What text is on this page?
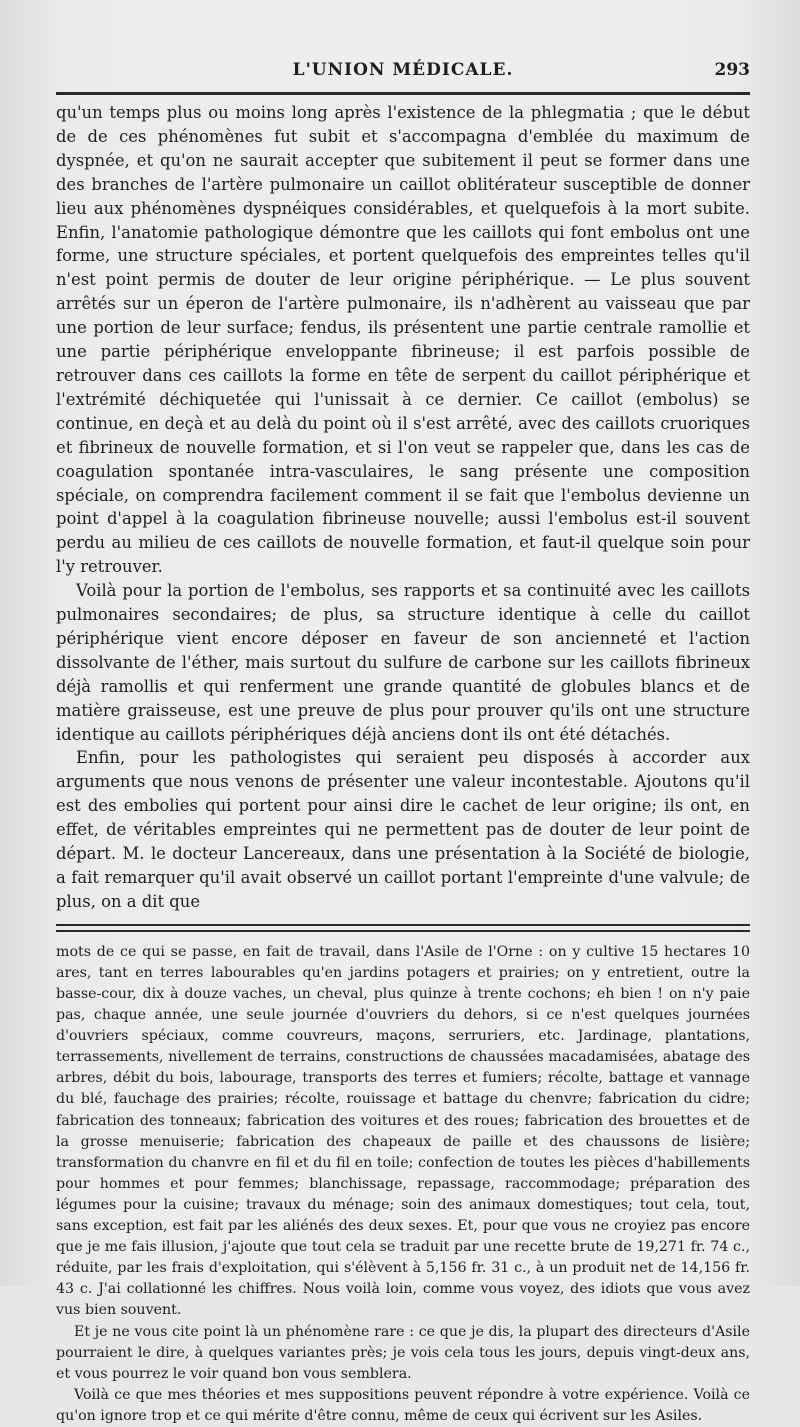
L'UNION MÉDICALE.	293

qu'un temps plus ou moins long après l'existence de la phlegmatia ; que le début de de ces phénomènes fut subit et s'accompagna d'emblée du maximum de dyspnée, et qu'on ne saurait accepter que subitement il peut se former dans une des branches de l'artère pulmonaire un caillot oblitérateur susceptible de donner lieu aux phénomènes dyspnéiques considérables, et quelquefois à la mort subite. Enfin, l'anatomie pathologique démontre que les caillots qui font embolus ont une forme, une structure spéciales, et portent quelquefois des empreintes telles qu'il n'est point permis de douter de leur origine périphérique. — Le plus souvent arrêtés sur un éperon de l'artère pulmonaire, ils n'adhèrent au vaisseau que par une portion de leur surface; fendus, ils présentent une partie centrale ramollie et une partie périphérique enveloppante fibrineuse; il est parfois possible de retrouver dans ces caillots la forme en tête de serpent du caillot périphérique et l'extrémité déchiquetée qui l'unissait à ce dernier. Ce caillot (embolus) se continue, en deçà et au delà du point où il s'est arrêté, avec des caillots cruoriques et fibrineux de nouvelle formation, et si l'on veut se rappeler que, dans les cas de coagulation spontanée intra-vasculaires, le sang présente une composition spéciale, on comprendra facilement comment il se fait que l'embolus devienne un point d'appel à la coagulation fibrineuse nouvelle; aussi l'embolus est-il souvent perdu au milieu de ces caillots de nouvelle formation, et faut-il quelque soin pour l'y retrouver.

Voilà pour la portion de l'embolus, ses rapports et sa continuité avec les caillots pulmonaires secondaires; de plus, sa structure identique à celle du caillot périphérique vient encore déposer en faveur de son ancienneté et l'action dissolvante de l'éther, mais surtout du sulfure de carbone sur les caillots fibrineux déjà ramollis et qui renferment une grande quantité de globules blancs et de matière graisseuse, est une preuve de plus pour prouver qu'ils ont une structure identique au caillots périphériques déjà anciens dont ils ont été détachés.

Enfin, pour les pathologistes qui seraient peu disposés à accorder aux arguments que nous venons de présenter une valeur incontestable. Ajoutons qu'il est des embolies qui portent pour ainsi dire le cachet de leur origine; ils ont, en effet, de véritables empreintes qui ne permettent pas de douter de leur point de départ. M. le docteur Lancereaux, dans une présentation à la Société de biologie, a fait remarquer qu'il avait observé un caillot portant l'empreinte d'une valvule; de plus, on a dit que

mots de ce qui se passe, en fait de travail, dans l'Asile de l'Orne : on y cultive 15 hectares 10 ares, tant en terres labourables qu'en jardins potagers et prairies; on y entretient, outre la basse-cour, dix à douze vaches, un cheval, plus quinze à trente cochons; eh bien ! on n'y paie pas, chaque année, une seule journée d'ouvriers du dehors, si ce n'est quelques journées d'ouvriers spéciaux, comme couvreurs, maçons, serruriers, etc. Jardinage, plantations, terrassements, nivellement de terrains, constructions de chaussées macadamisées, abatage des arbres, débit du bois, labourage, transports des terres et fumiers; récolte, battage et vannage du blé, fauchage des prairies; récolte, rouissage et battage du chenvre; fabrication du cidre; fabrication des tonneaux; fabrication des voitures et des roues; fabrication des brouettes et de la grosse menuiserie; fabrication des chapeaux de paille et des chaussons de lisière; transformation du chanvre en fil et du fil en toile; confection de toutes les pièces d'habillements pour hommes et pour femmes; blanchissage, repassage, raccommodage; préparation des légumes pour la cuisine; travaux du ménage; soin des animaux domestiques; tout cela, tout, sans exception, est fait par les aliénés des deux sexes. Et, pour que vous ne croyiez pas encore que je me fais illusion, j'ajoute que tout cela se traduit par une recette brute de 19,271 fr. 74 c., réduite, par les frais d'exploitation, qui s'élèvent à 5,156 fr. 31 c., à un produit net de 14,156 fr. 43 c. J'ai collationné les chiffres. Nous voilà loin, comme vous voyez, des idiots que vous avez vus bien souvent.

Et je ne vous cite point là un phénomène rare : ce que je dis, la plupart des directeurs d'Asile pourraient le dire, à quelques variantes près; je vois cela tous les jours, depuis vingt-deux ans, et vous pourrez le voir quand bon vous semblera.

Voilà ce que mes théories et mes suppositions peuvent répondre à votre expérience. Voilà ce qu'on ignore trop et ce qui mérite d'être connu, même de ceux qui écrivent sur les Asiles.
